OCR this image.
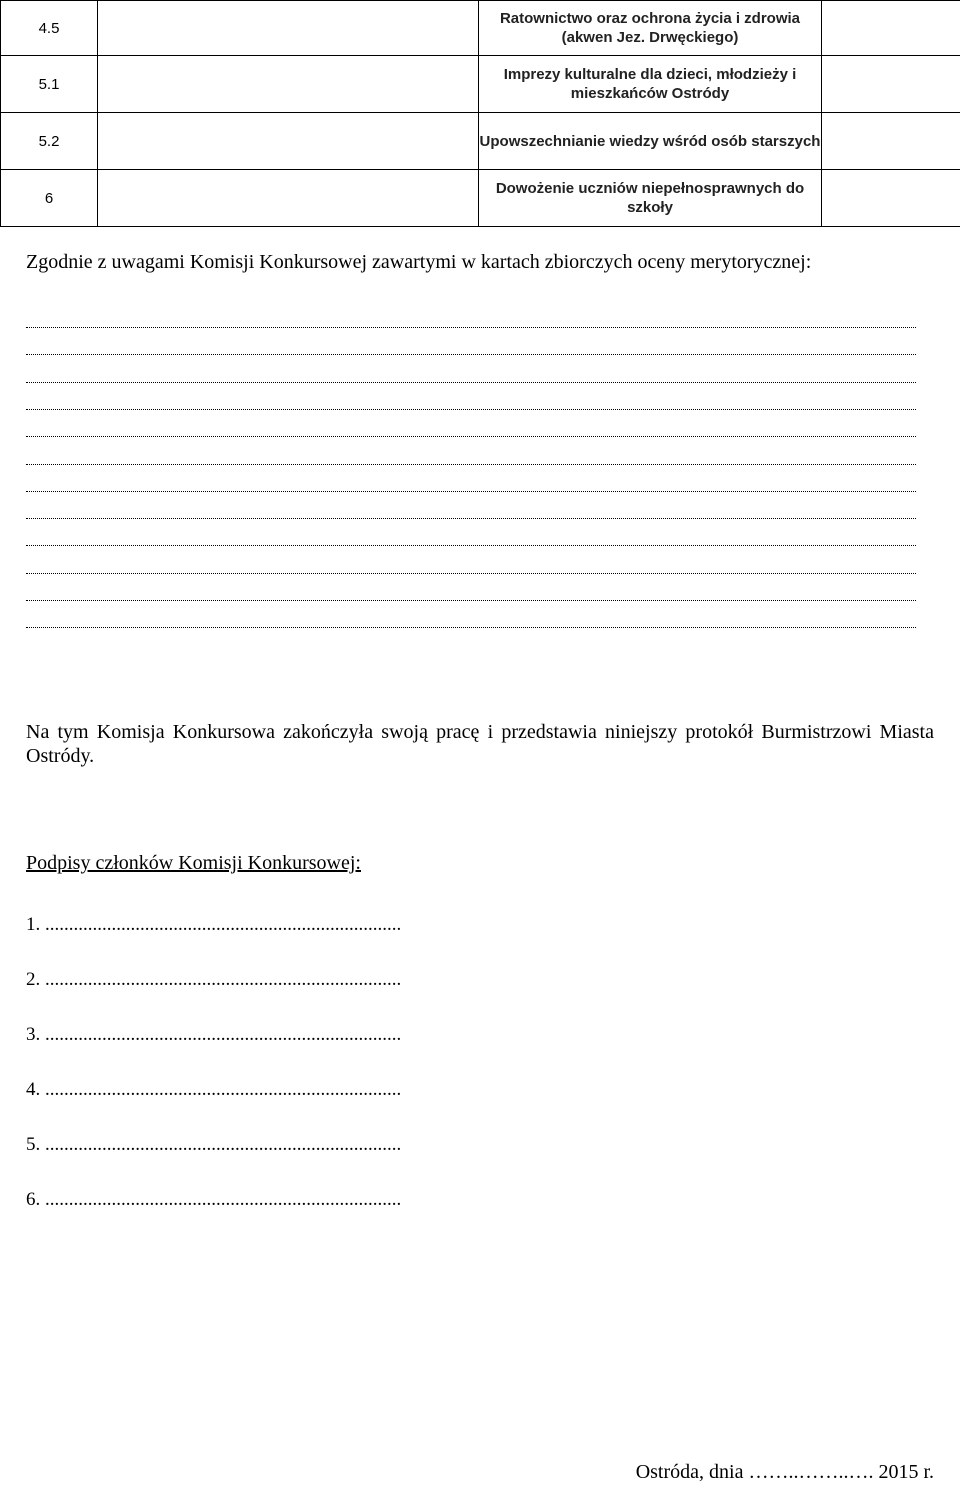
4.5		Ratownictwo oraz ochrona życia i zdrowia (akwen Jez. Drwęckiego)	
5.1		Imprezy kulturalne dla dzieci, młodzieży i mieszkańców Ostródy	
5.2		Upowszechnianie wiedzy wśród osób starszych	
6		Dowożenie uczniów niepełnosprawnych do szkoły	
Zgodnie z uwagami Komisji Konkursowej zawartymi w kartach zbiorczych oceny merytorycznej:
Na tym Komisja Konkursowa zakończyła swoją pracę i przedstawia niniejszy protokół Burmistrzowi Miasta Ostródy.
Podpisy członków Komisji Konkursowej:
1. ...........................................................................
2. ...........................................................................
3. ...........................................................................
4. ...........................................................................
5. ...........................................................................
6. ...........................................................................
Ostróda, dnia ……..……..…. 2015 r.
